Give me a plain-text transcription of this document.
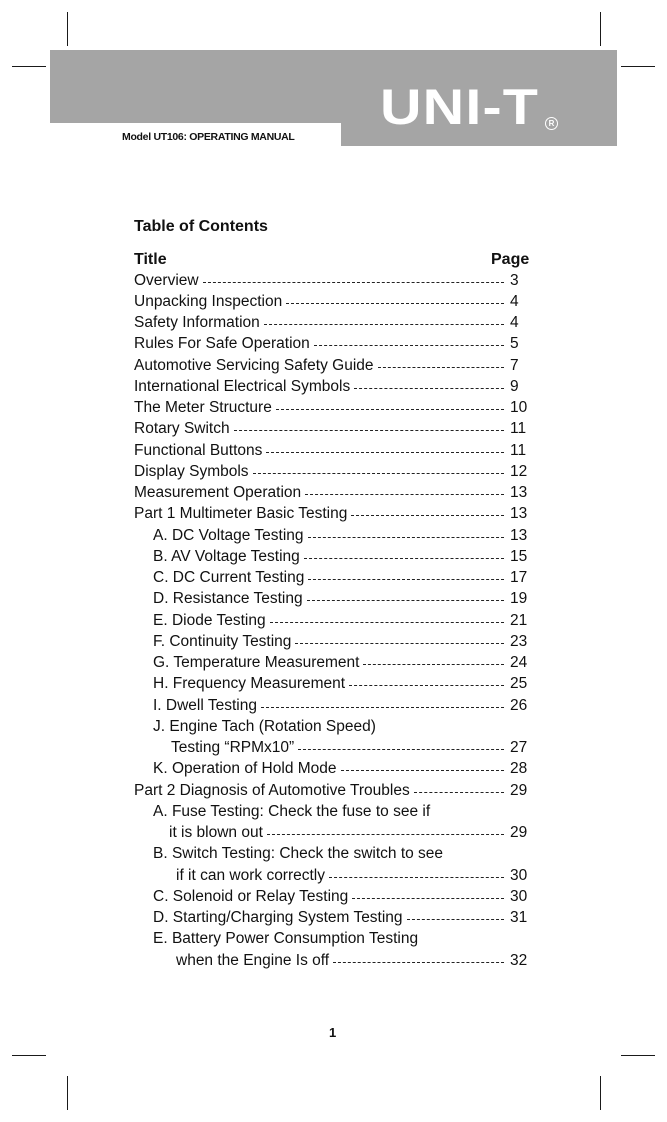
Model UT106: OPERATING MANUAL
UNI-T	R
Table of Contents
Title	Page
Overview	3
Unpacking Inspection	4
Safety Information	4
Rules For Safe Operation	5
Automotive Servicing Safety Guide	7
International Electrical Symbols	9
The Meter Structure	10
Rotary Switch	11
Functional Buttons	11
Display Symbols	12
Measurement Operation	13
Part 1 Multimeter Basic Testing	13
A. DC Voltage Testing	13
B. AV Voltage Testing	15
C. DC Current Testing	17
D. Resistance Testing	19
E. Diode Testing	21
F. Continuity Testing	23
G. Temperature Measurement	24
H. Frequency Measurement	25
I. Dwell Testing	26
J. Engine Tach (Rotation Speed)
Testing “RPMx10”	27
K. Operation of Hold Mode	28
Part 2 Diagnosis of Automotive Troubles	29
A. Fuse Testing: Check the fuse to see if
it is blown out	29
B. Switch Testing: Check the switch to see
if it can work correctly	30
C. Solenoid or Relay Testing	30
D. Starting/Charging System Testing	31
E. Battery Power Consumption Testing
when the Engine Is off	32
1
